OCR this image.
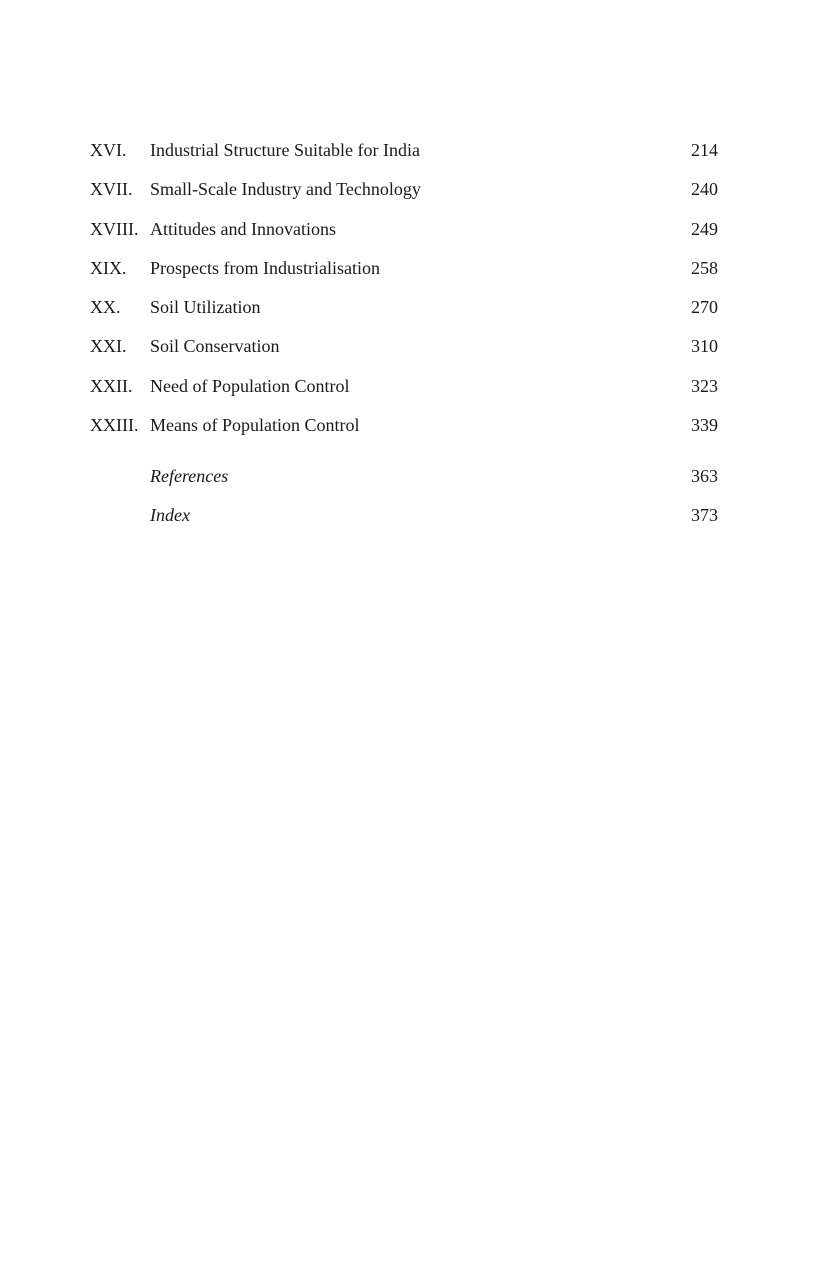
XVI. Industrial Structure Suitable for India	214
XVII. Small-Scale Industry and Technology	240
XVIII. Attitudes and Innovations	249
XIX. Prospects from Industrialisation	258
XX. Soil Utilization	270
XXI. Soil Conservation	310
XXII. Need of Population Control	323
XXIII. Means of Population Control	339
References	363
Index	373
